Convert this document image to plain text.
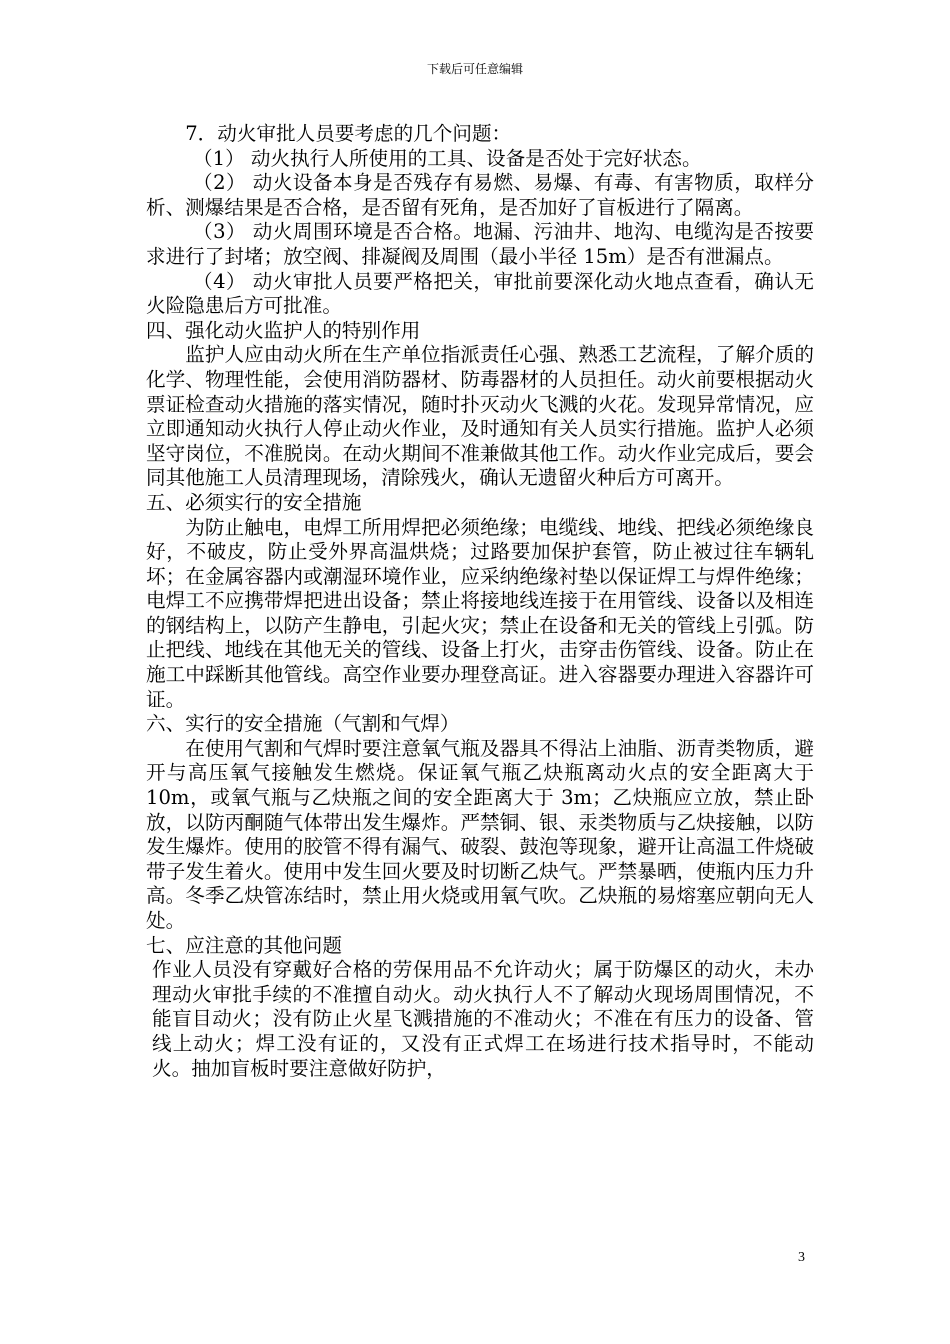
下载后可任意编辑

7．动火审批人员要考虑的几个问题：

（1） 动火执行人所使用的工具、设备是否处于完好状态。

（2） 动火设备本身是否残存有易燃、易爆、有毒、有害物质，取样分析、测爆结果是否合格，是否留有死角，是否加好了盲板进行了隔离。

（3） 动火周围环境是否合格。地漏、污油井、地沟、电缆沟是否按要求进行了封堵；放空阀、排凝阀及周围（最小半径 15m）是否有泄漏点。

（4） 动火审批人员要严格把关，审批前要深化动火地点查看，确认无火险隐患后方可批准。

四、强化动火监护人的特别作用

监护人应由动火所在生产单位指派责任心强、熟悉工艺流程，了解介质的化学、物理性能，会使用消防器材、防毒器材的人员担任。动火前要根据动火票证检查动火措施的落实情况，随时扑灭动火飞溅的火花。发现异常情况，应立即通知动火执行人停止动火作业，及时通知有关人员实行措施。监护人必须坚守岗位，不准脱岗。在动火期间不准兼做其他工作。动火作业完成后，要会同其他施工人员清理现场，清除残火，确认无遗留火种后方可离开。

五、必须实行的安全措施

为防止触电，电焊工所用焊把必须绝缘；电缆线、地线、把线必须绝缘良好，不破皮，防止受外界高温烘烧；过路要加保护套管，防止被过往车辆轧坏；在金属容器内或潮湿环境作业，应采纳绝缘衬垫以保证焊工与焊件绝缘；电焊工不应携带焊把进出设备；禁止将接地线连接于在用管线、设备以及相连的钢结构上，以防产生静电，引起火灾；禁止在设备和无关的管线上引弧。防止把线、地线在其他无关的管线、设备上打火，击穿击伤管线、设备。防止在施工中踩断其他管线。高空作业要办理登高证。进入容器要办理进入容器许可证。

六、实行的安全措施（气割和气焊）

在使用气割和气焊时要注意氧气瓶及器具不得沾上油脂、沥青类物质，避开与高压氧气接触发生燃烧。保证氧气瓶乙炔瓶离动火点的安全距离大于 10m，或氧气瓶与乙炔瓶之间的安全距离大于 3m；乙炔瓶应立放，禁止卧放，以防丙酮随气体带出发生爆炸。严禁铜、银、汞类物质与乙炔接触，以防发生爆炸。使用的胶管不得有漏气、破裂、鼓泡等现象，避开让高温工件烧破带子发生着火。使用中发生回火要及时切断乙炔气。严禁暴晒，使瓶内压力升高。冬季乙炔管冻结时，禁止用火烧或用氧气吹。乙炔瓶的易熔塞应朝向无人处。

七、应注意的其他问题

作业人员没有穿戴好合格的劳保用品不允许动火；属于防爆区的动火，未办理动火审批手续的不准擅自动火。动火执行人不了解动火现场周围情况，不能盲目动火；没有防止火星飞溅措施的不准动火；不准在有压力的设备、管线上动火；焊工没有证的，又没有正式焊工在场进行技术指导时，不能动火。抽加盲板时要注意做好防护，

3
